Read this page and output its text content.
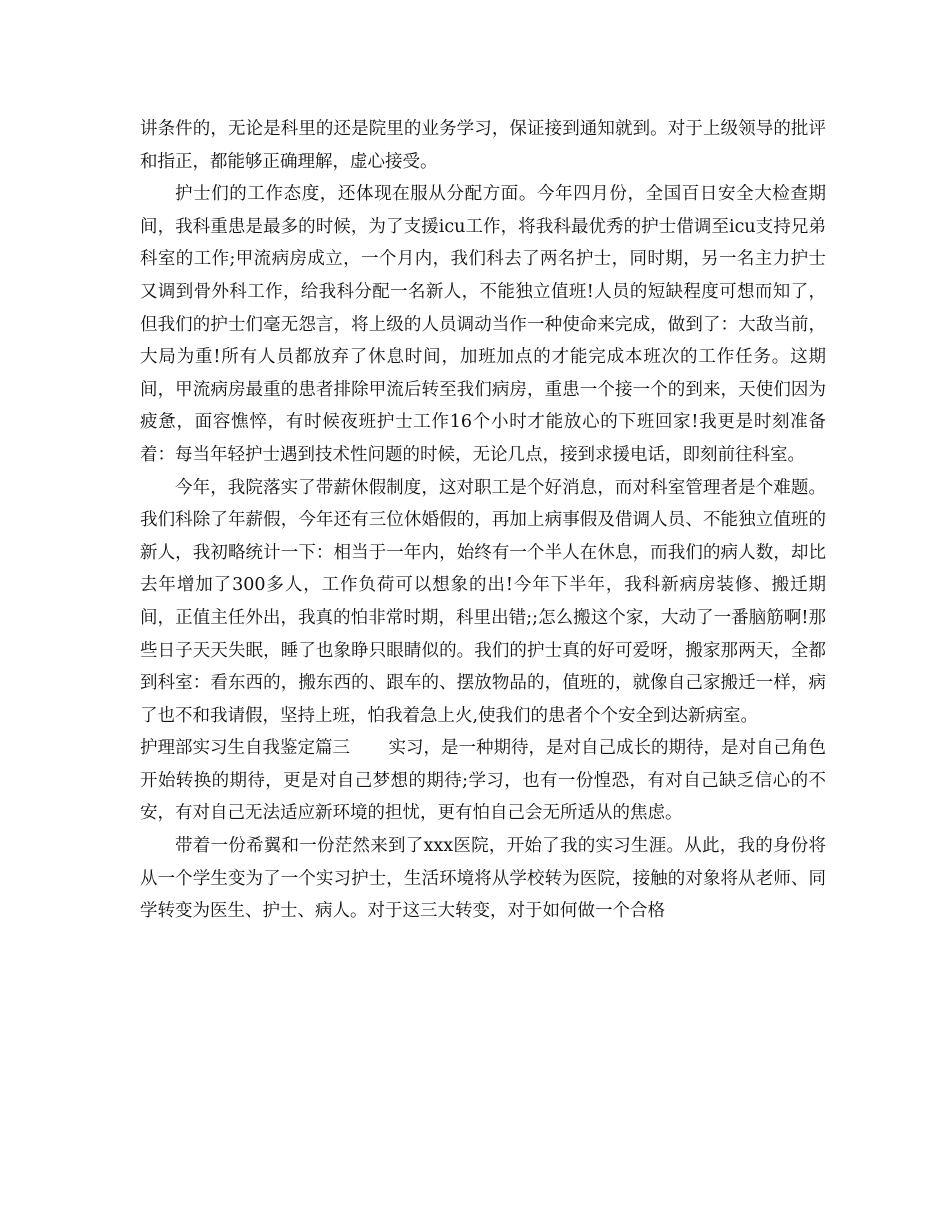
讲条件的，无论是科里的还是院里的业务学习，保证接到通知就到。对于上级领导的批评和指正，都能够正确理解，虚心接受。

护士们的工作态度，还体现在服从分配方面。今年四月份，全国百日安全大检查期间，我科重患是最多的时候，为了支援icu工作，将我科最优秀的护士借调至icu支持兄弟科室的工作;甲流病房成立，一个月内，我们科去了两名护士，同时期，另一名主力护士又调到骨外科工作，给我科分配一名新人，不能独立值班!人员的短缺程度可想而知了，但我们的护士们毫无怨言，将上级的人员调动当作一种使命来完成，做到了：大敌当前，大局为重!所有人员都放弃了休息时间，加班加点的才能完成本班次的工作任务。这期间，甲流病房最重的患者排除甲流后转至我们病房，重患一个接一个的到来，天使们因为疲惫，面容憔悴，有时候夜班护士工作16个小时才能放心的下班回家!我更是时刻准备着：每当年轻护士遇到技术性问题的时候，无论几点，接到求援电话，即刻前往科室。

今年，我院落实了带薪休假制度，这对职工是个好消息，而对科室管理者是个难题。我们科除了年薪假，今年还有三位休婚假的，再加上病事假及借调人员、不能独立值班的新人，我初略统计一下：相当于一年内，始终有一个半人在休息，而我们的病人数，却比去年增加了300多人，工作负荷可以想象的出!今年下半年，我科新病房装修、搬迁期间，正值主任外出，我真的怕非常时期，科里出错;;怎么搬这个家，大动了一番脑筋啊!那些日子天天失眠，睡了也象睁只眼睛似的。我们的护士真的好可爱呀，搬家那两天，全都到科室：看东西的，搬东西的、跟车的、摆放物品的，值班的，就像自己家搬迁一样，病了也不和我请假，坚持上班，怕我着急上火,使我们的患者个个安全到达新病室。

护理部实习生自我鉴定篇三 实习，是一种期待，是对自己成长的期待，是对自己角色开始转换的期待，更是对自己梦想的期待;学习，也有一份惶恐，有对自己缺乏信心的不安，有对自己无法适应新环境的担忧，更有怕自己会无所适从的焦虑。

带着一份希翼和一份茫然来到了xxx医院，开始了我的实习生涯。从此，我的身份将从一个学生变为了一个实习护士，生活环境将从学校转为医院，接触的对象将从老师、同学转变为医生、护士、病人。对于这三大转变，对于如何做一个合格
